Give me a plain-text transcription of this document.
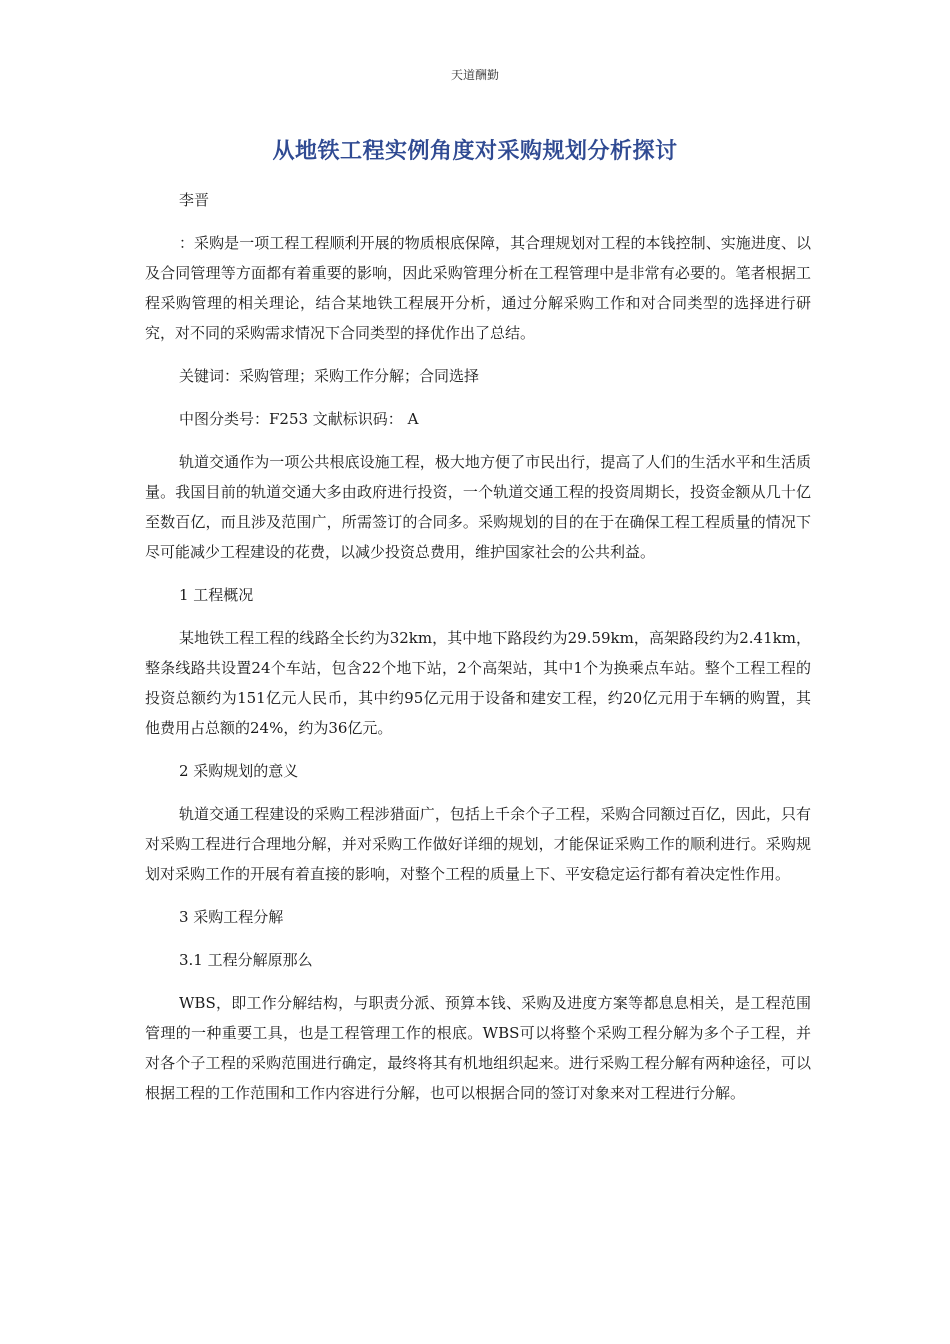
天道酬勤
从地铁工程实例角度对采购规划分析探讨

李晋

：采购是一项工程工程顺利开展的物质根底保障，其合理规划对工程的本钱控制、实施进度、以及合同管理等方面都有着重要的影响，因此采购管理分析在工程管理中是非常有必要的。笔者根据工程采购管理的相关理论，结合某地铁工程展开分析，通过分解采购工作和对合同类型的选择进行研究，对不同的采购需求情况下合同类型的择优作出了总结。

关键词：采购管理；采购工作分解；合同选择

中图分类号：F253 文献标识码： A

轨道交通作为一项公共根底设施工程，极大地方便了市民出行，提高了人们的生活水平和生活质量。我国目前的轨道交通大多由政府进行投资，一个轨道交通工程的投资周期长，投资金额从几十亿至数百亿，而且涉及范围广，所需签订的合同多。采购规划的目的在于在确保工程工程质量的情况下尽可能减少工程建设的花费，以减少投资总费用，维护国家社会的公共利益。

1 工程概况

某地铁工程工程的线路全长约为32km，其中地下路段约为29.59km，高架路段约为2.41km，整条线路共设置24个车站，包含22个地下站，2个高架站，其中1个为换乘点车站。整个工程工程的投资总额约为151亿元人民币，其中约95亿元用于设备和建安工程，约20亿元用于车辆的购置，其他费用占总额的24%，约为36亿元。

2 采购规划的意义

轨道交通工程建设的采购工程涉猎面广，包括上千余个子工程，采购合同额过百亿，因此，只有对采购工程进行合理地分解，并对采购工作做好详细的规划，才能保证采购工作的顺利进行。采购规划对采购工作的开展有着直接的影响，对整个工程的质量上下、平安稳定运行都有着决定性作用。

3 采购工程分解

3.1 工程分解原那么

WBS，即工作分解结构，与职责分派、预算本钱、采购及进度方案等都息息相关，是工程范围管理的一种重要工具，也是工程管理工作的根底。WBS可以将整个采购工程分解为多个子工程，并对各个子工程的采购范围进行确定，最终将其有机地组织起来。进行采购工程分解有两种途径，可以根据工程的工作范围和工作内容进行分解，也可以根据合同的签订对象来对工程进行分解。
